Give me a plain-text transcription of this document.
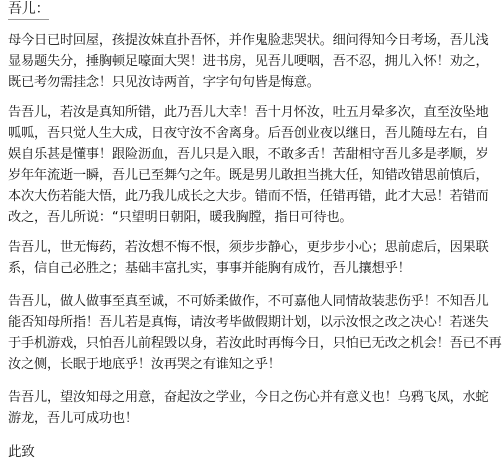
吾儿：
母今日已时回屋，孩提汝妹直扑吾怀，并作鬼脸悲哭状。细问得知今日考场，吾儿浅
显易题失分，捶胸顿足嚎面大哭！进书房，见吾儿哽咽，吾不忍，拥儿入怀！劝之，
既已考勿需挂念！只见汝诗两首，字字句句皆是悔意。
告吾儿，若汝是真知所错，此乃吾儿大幸！吾十月怀汝，吐五月晕多次，直至汝坠地
呱呱，吾只觉人生大成，日夜守汝不舍离身。后吾创业夜以继日，吾儿随母左右，自
娱自乐甚是懂事！跟险沥血，吾儿只是入眼，不敢多舌！苦甜相守吾儿多是孝顺，岁
岁年年流逝一瞬，吾儿已至舞勺之年。既是男儿敢担当挑大任，知错改错思前慎后，
本次大伤若能大悟，此乃我儿成长之大步。错而不悟，任错再错，此才大忌！若错而
改之，吾儿所说：“只望明日朝阳，暖我胸膛，指日可待也。
告吾儿，世无悔药，若汝想不悔不恨，须步步静心，更步步小心；思前虑后，因果联
系，信自己必胜之；基础丰富扎实，事事并能胸有成竹，吾儿攘想乎！
告吾儿，做人做事至真至诚，不可娇柔做作，不可嘉他人同情故装悲伤乎！不知吾儿
能否知母所指！吾儿若是真悔，请汝考毕做假期计划，以示汝恨之改之决心！若迷失
于手机游戏，只怕吾儿前程毁以身，若汝此时再悔今日，只怕已无改之机会！吾已不再
汝之侧，长眠于地底乎！汝再哭之有谁知之乎！
告吾儿，望汝知母之用意，奋起汝之学业，今日之伤心并有意义也！乌鸦飞凤，水蛇
游龙，吾儿可成功也！
此致
